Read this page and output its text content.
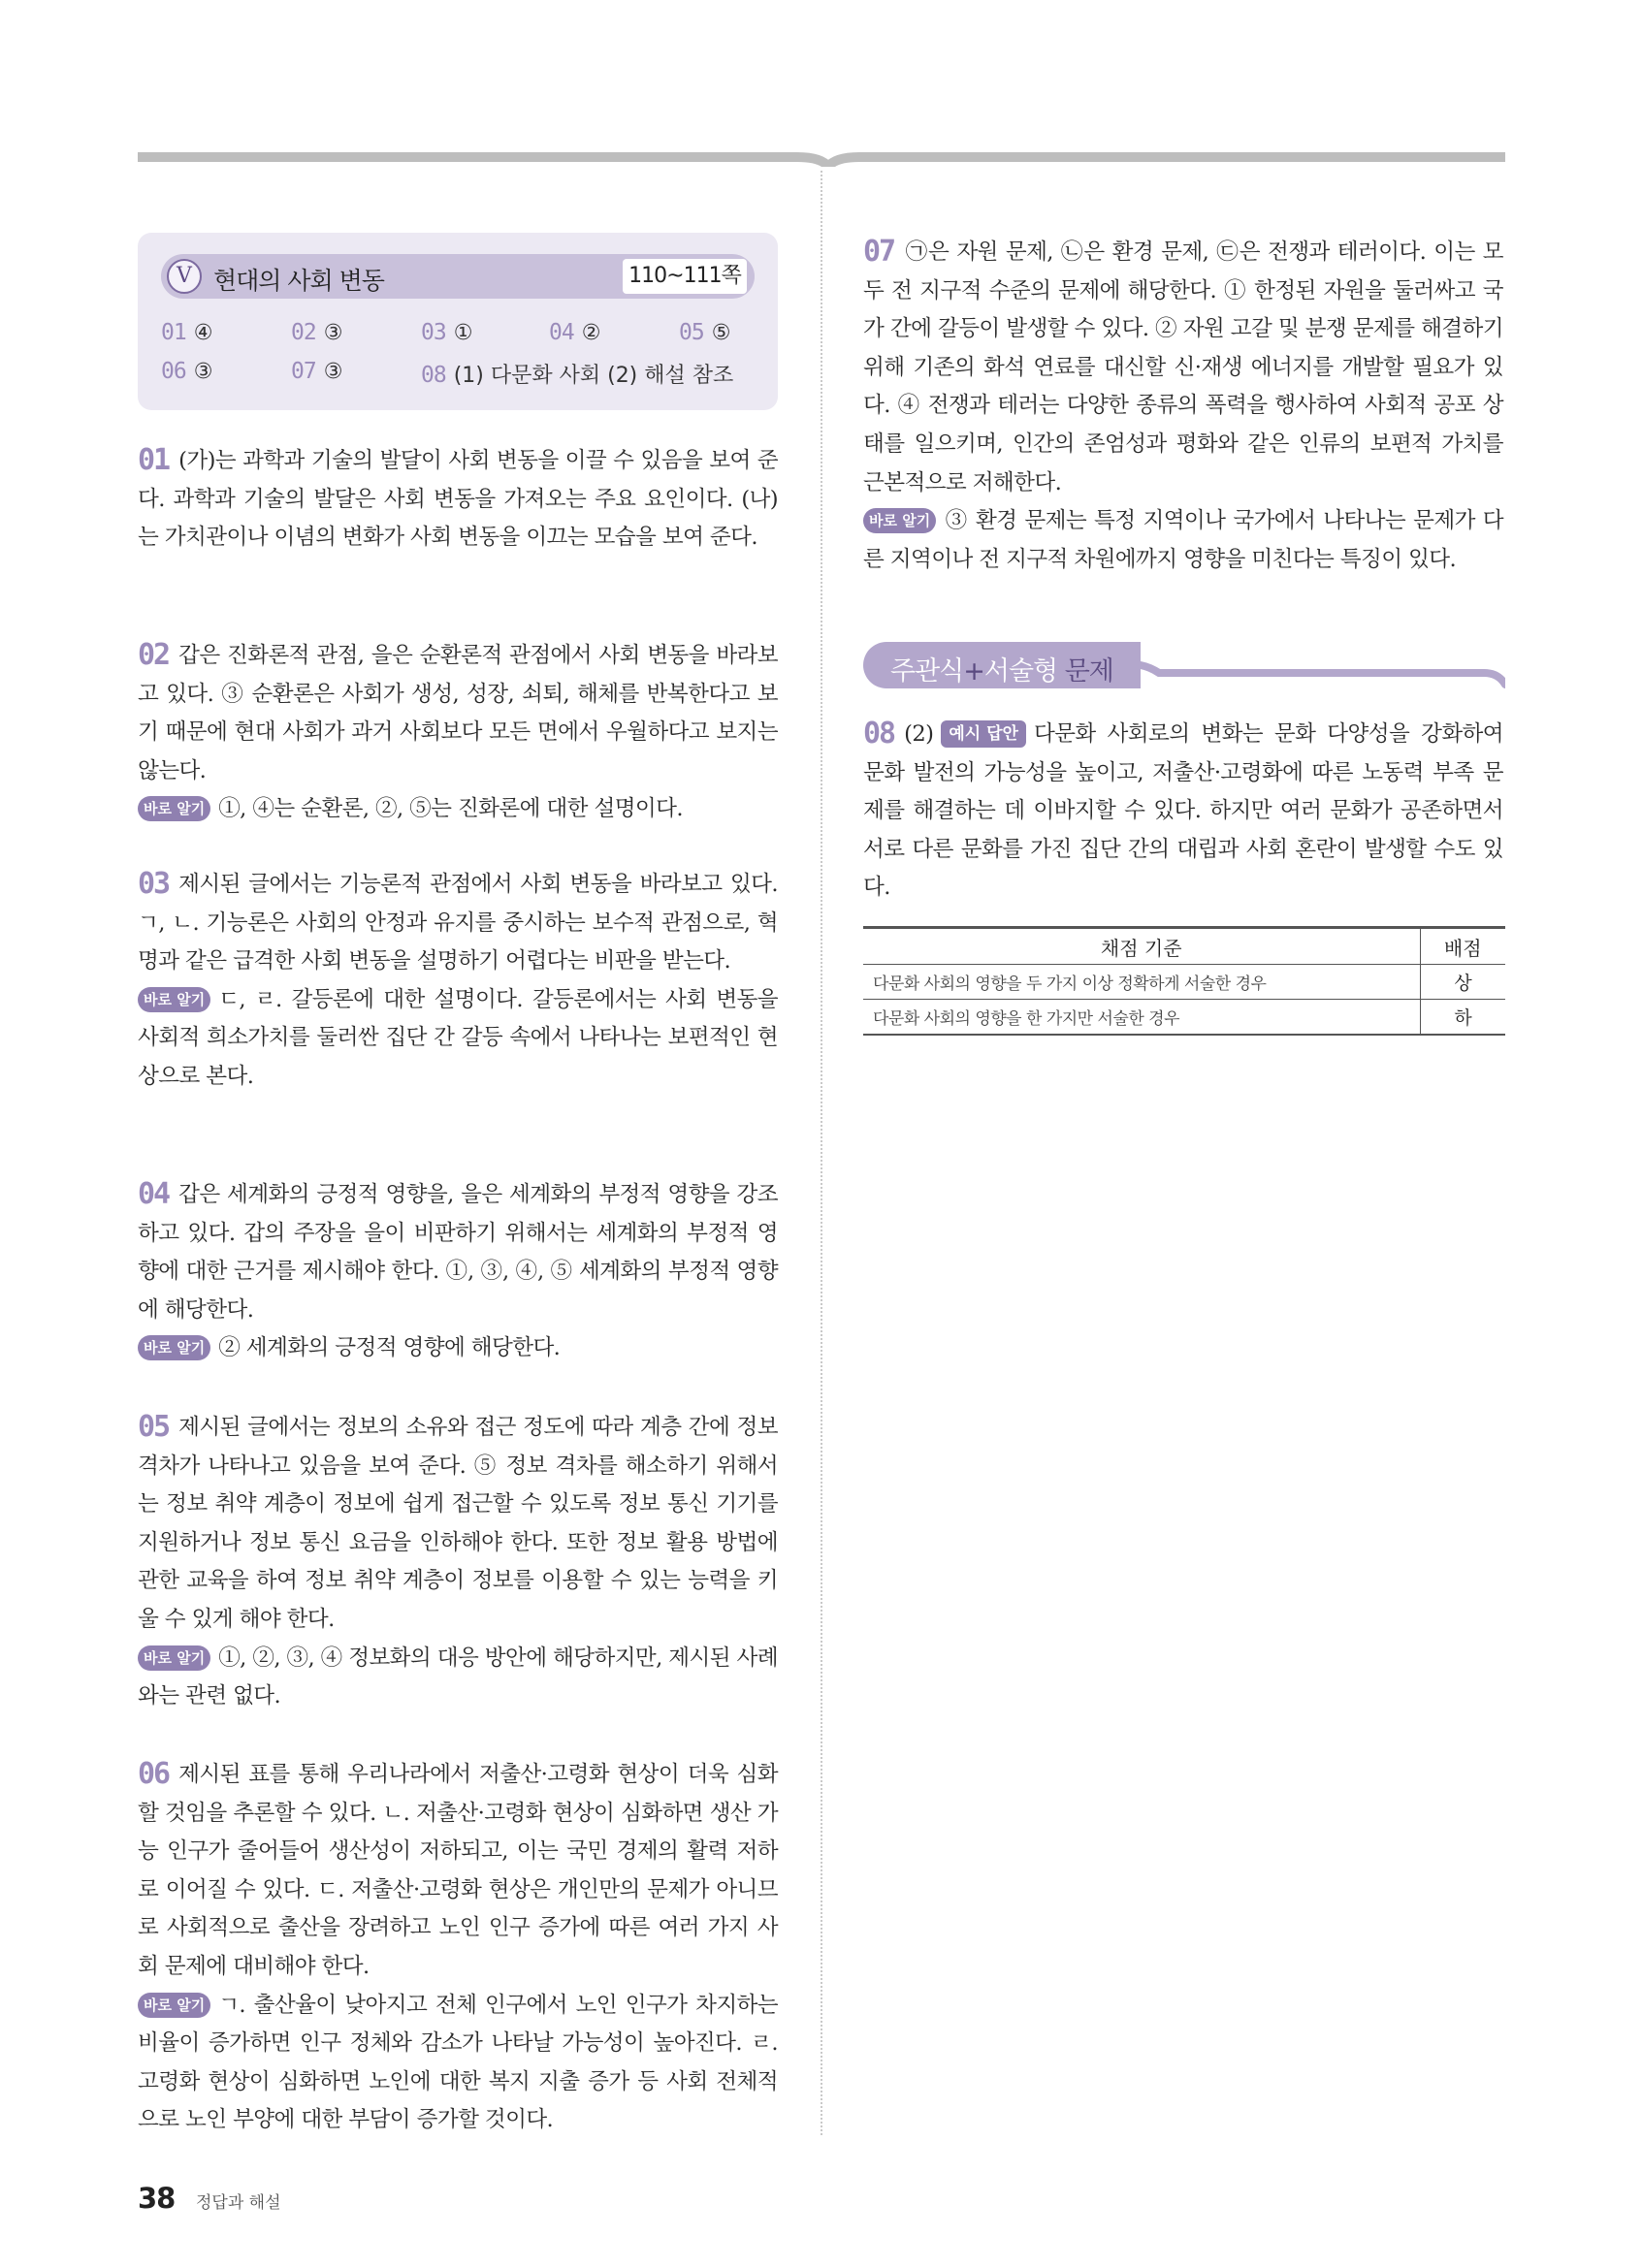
V 현대의 사회 변동	110~111쪽
01 ④	02 ③	03 ①	04 ②	05 ⑤
06 ③	07 ③	08 (1) 다문화 사회 (2) 해설 참조
01 (가)는 과학과 기술의 발달이 사회 변동을 이끌 수 있음을 보여 준다. 과학과 기술의 발달은 사회 변동을 가져오는 주요 요인이다. (나)는 가치관이나 이념의 변화가 사회 변동을 이끄는 모습을 보여 준다.
02 갑은 진화론적 관점, 을은 순환론적 관점에서 사회 변동을 바라보고 있다. ③ 순환론은 사회가 생성, 성장, 쇠퇴, 해체를 반복한다고 보기 때문에 현대 사회가 과거 사회보다 모든 면에서 우월하다고 보지는 않는다.
바로 알기 ①, ④는 순환론, ②, ⑤는 진화론에 대한 설명이다.
03 제시된 글에서는 기능론적 관점에서 사회 변동을 바라보고 있다. ㄱ, ㄴ. 기능론은 사회의 안정과 유지를 중시하는 보수적 관점으로, 혁명과 같은 급격한 사회 변동을 설명하기 어렵다는 비판을 받는다.
바로 알기 ㄷ, ㄹ. 갈등론에 대한 설명이다. 갈등론에서는 사회 변동을 사회적 희소가치를 둘러싼 집단 간 갈등 속에서 나타나는 보편적인 현상으로 본다.
04 갑은 세계화의 긍정적 영향을, 을은 세계화의 부정적 영향을 강조하고 있다. 갑의 주장을 을이 비판하기 위해서는 세계화의 부정적 영향에 대한 근거를 제시해야 한다. ①, ③, ④, ⑤ 세계화의 부정적 영향에 해당한다.
바로 알기 ② 세계화의 긍정적 영향에 해당한다.
05 제시된 글에서는 정보의 소유와 접근 정도에 따라 계층 간에 정보 격차가 나타나고 있음을 보여 준다. ⑤ 정보 격차를 해소하기 위해서는 정보 취약 계층이 정보에 쉽게 접근할 수 있도록 정보 통신 기기를 지원하거나 정보 통신 요금을 인하해야 한다. 또한 정보 활용 방법에 관한 교육을 하여 정보 취약 계층이 정보를 이용할 수 있는 능력을 키울 수 있게 해야 한다.
바로 알기 ①, ②, ③, ④ 정보화의 대응 방안에 해당하지만, 제시된 사례와는 관련 없다.
06 제시된 표를 통해 우리나라에서 저출산·고령화 현상이 더욱 심화할 것임을 추론할 수 있다. ㄴ. 저출산·고령화 현상이 심화하면 생산 가능 인구가 줄어들어 생산성이 저하되고, 이는 국민 경제의 활력 저하로 이어질 수 있다. ㄷ. 저출산·고령화 현상은 개인만의 문제가 아니므로 사회적으로 출산을 장려하고 노인 인구 증가에 따른 여러 가지 사회 문제에 대비해야 한다.
바로 알기 ㄱ. 출산율이 낮아지고 전체 인구에서 노인 인구가 차지하는 비율이 증가하면 인구 정체와 감소가 나타날 가능성이 높아진다. ㄹ. 고령화 현상이 심화하면 노인에 대한 복지 지출 증가 등 사회 전체적으로 노인 부양에 대한 부담이 증가할 것이다.
07 ㉠은 자원 문제, ㉡은 환경 문제, ㉢은 전쟁과 테러이다. 이는 모두 전 지구적 수준의 문제에 해당한다. ① 한정된 자원을 둘러싸고 국가 간에 갈등이 발생할 수 있다. ② 자원 고갈 및 분쟁 문제를 해결하기 위해 기존의 화석 연료를 대신할 신·재생 에너지를 개발할 필요가 있다. ④ 전쟁과 테러는 다양한 종류의 폭력을 행사하여 사회적 공포 상태를 일으키며, 인간의 존엄성과 평화와 같은 인류의 보편적 가치를 근본적으로 저해한다.
바로 알기 ③ 환경 문제는 특정 지역이나 국가에서 나타나는 문제가 다른 지역이나 전 지구적 차원에까지 영향을 미친다는 특징이 있다.
주관식+서술형 문제
08 (2) 예시 답안 다문화 사회로의 변화는 문화 다양성을 강화하여 문화 발전의 가능성을 높이고, 저출산·고령화에 따른 노동력 부족 문제를 해결하는 데 이바지할 수 있다. 하지만 여러 문화가 공존하면서 서로 다른 문화를 가진 집단 간의 대립과 사회 혼란이 발생할 수도 있다.
채점 기준	배점
다문화 사회의 영향을 두 가지 이상 정확하게 서술한 경우	상
다문화 사회의 영향을 한 가지만 서술한 경우	하
38 정답과 해설
